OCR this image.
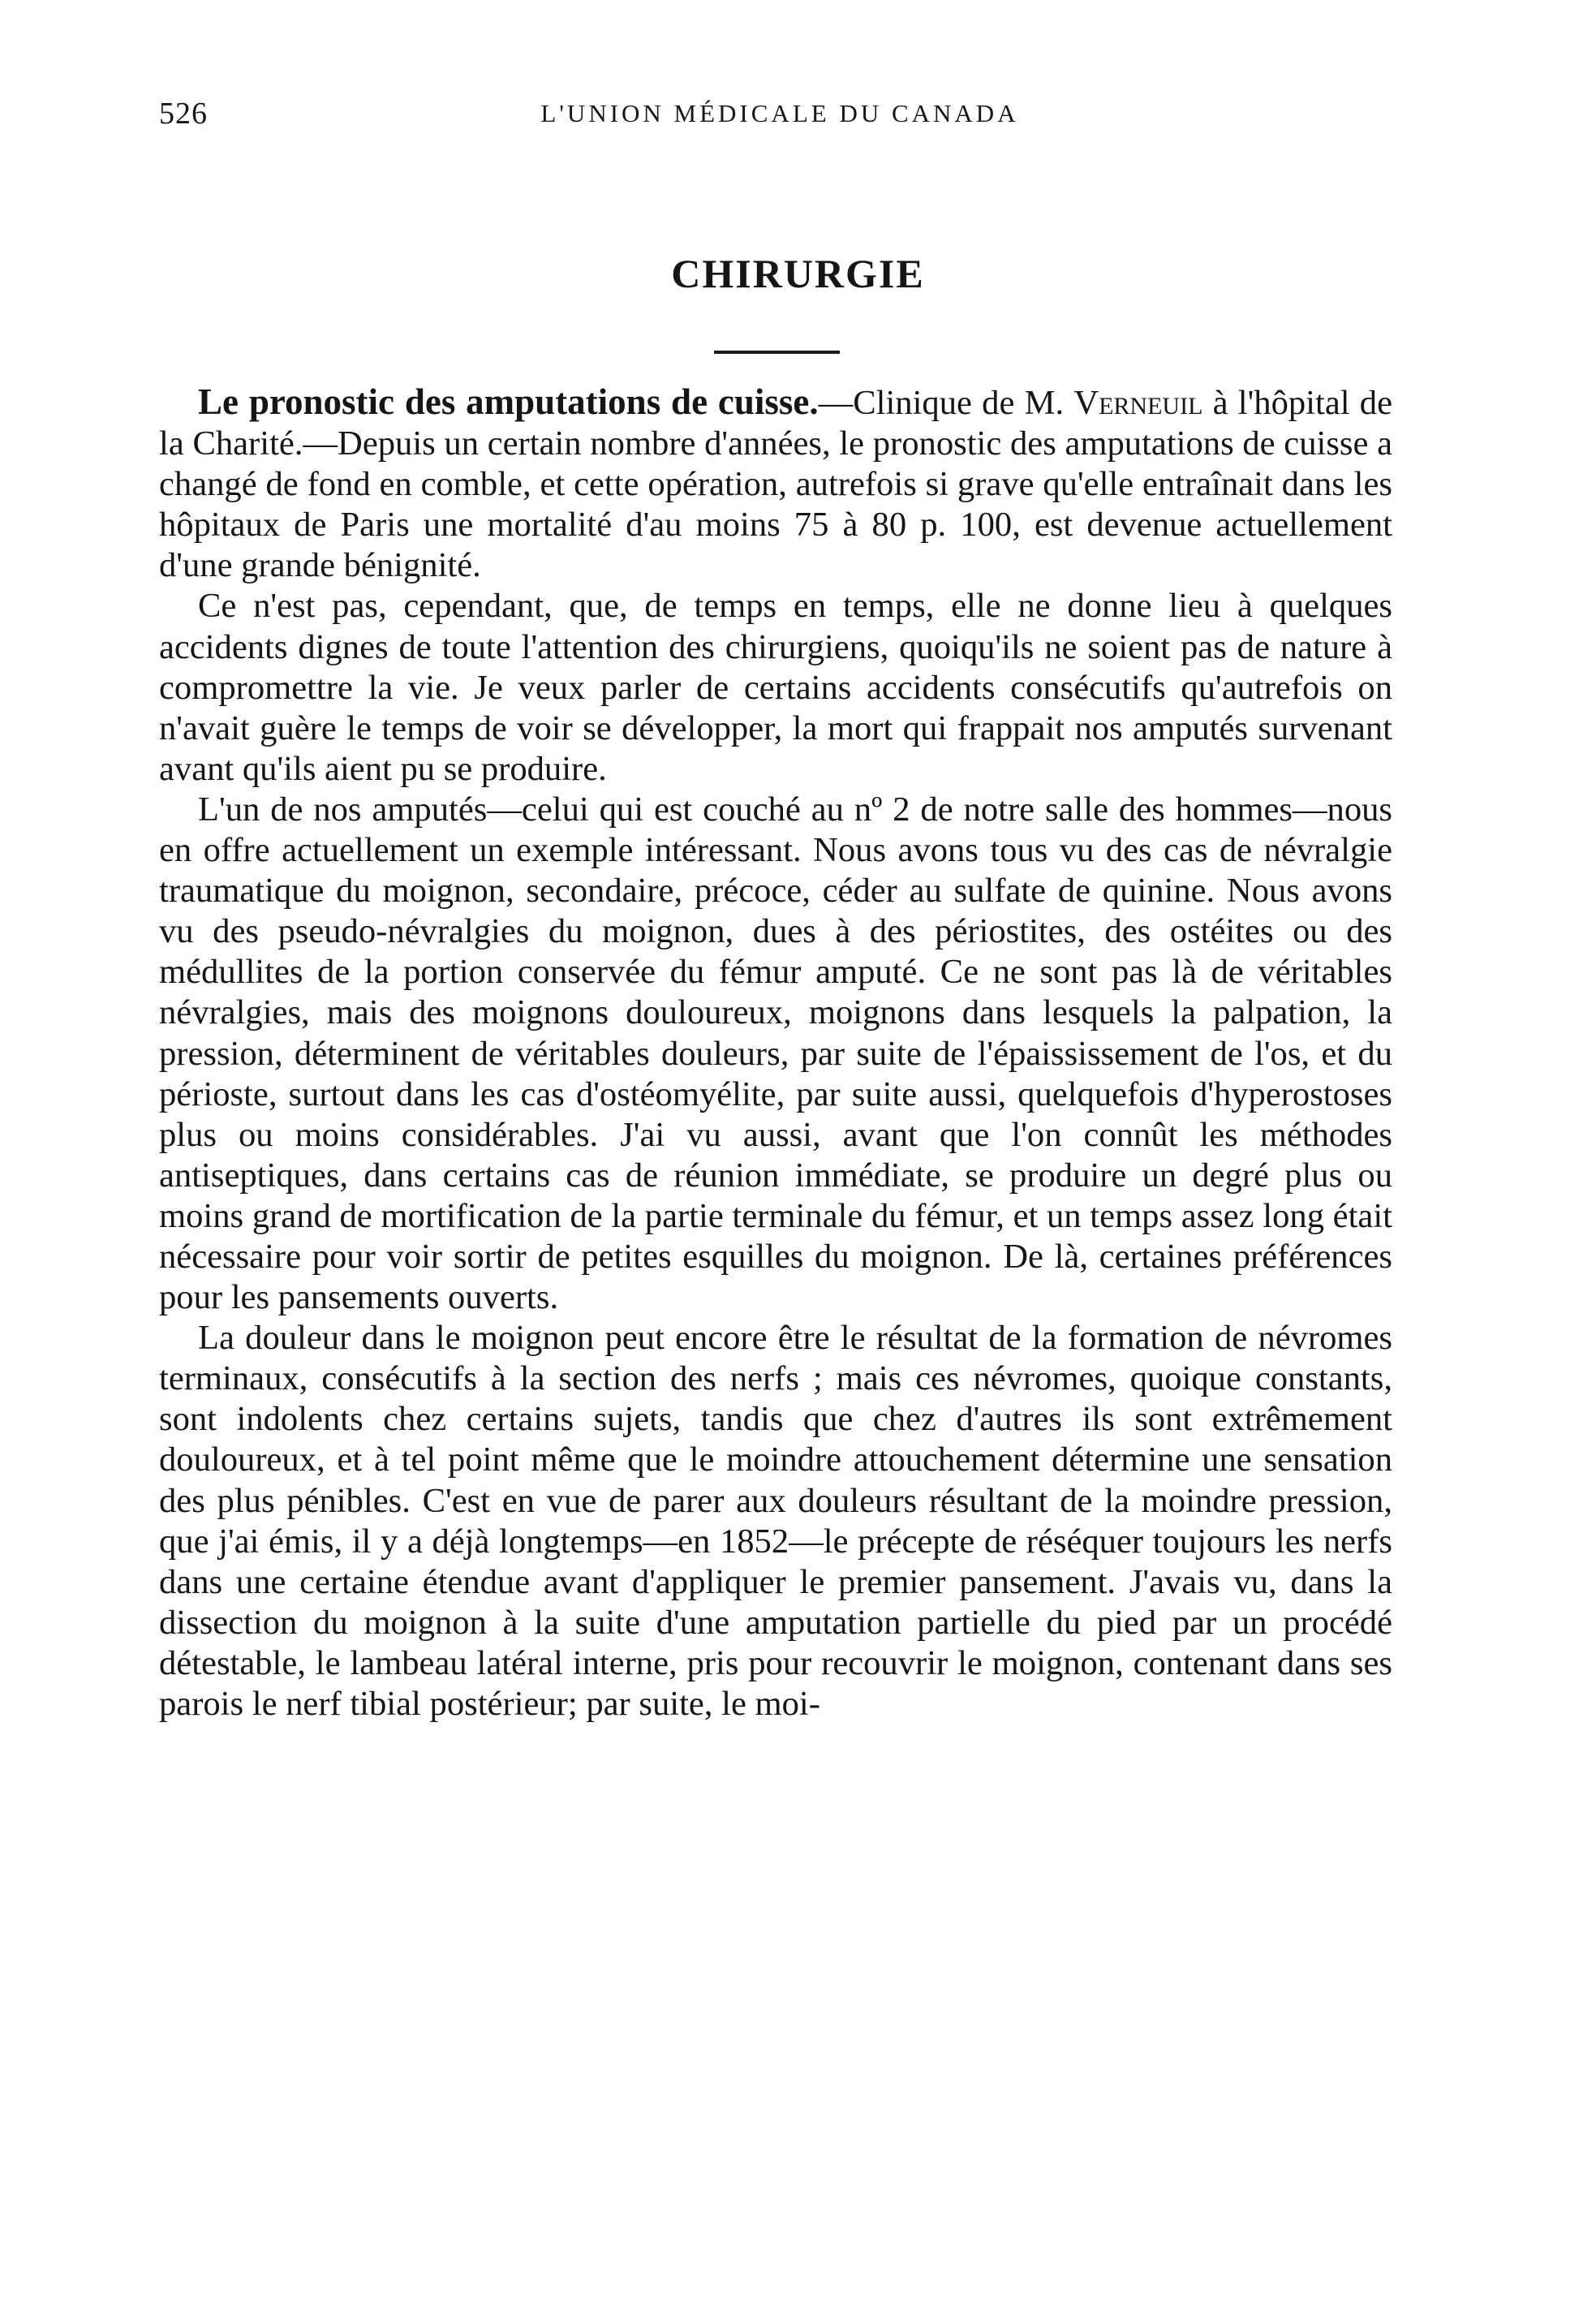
526	L'UNION MÉDICALE DU CANADA
CHIRURGIE

Le pronostic des amputations de cuisse.—Clinique de M. Verneuil à l'hôpital de la Charité.—Depuis un certain nombre d'années, le pronostic des amputations de cuisse a changé de fond en comble, et cette opération, autrefois si grave qu'elle entraînait dans les hôpitaux de Paris une mortalité d'au moins 75 à 80 p. 100, est devenue actuellement d'une grande bénignité.

Ce n'est pas, cependant, que, de temps en temps, elle ne donne lieu à quelques accidents dignes de toute l'attention des chirurgiens, quoiqu'ils ne soient pas de nature à compromettre la vie. Je veux parler de certains accidents consécutifs qu'autrefois on n'avait guère le temps de voir se développer, la mort qui frappait nos amputés survenant avant qu'ils aient pu se produire.

L'un de nos amputés—celui qui est couché au nº 2 de notre salle des hommes—nous en offre actuellement un exemple intéressant. Nous avons tous vu des cas de névralgie traumatique du moignon, secondaire, précoce, céder au sulfate de quinine. Nous avons vu des pseudo-névralgies du moignon, dues à des périostites, des ostéites ou des médullites de la portion conservée du fémur amputé. Ce ne sont pas là de véritables névralgies, mais des moignons douloureux, moignons dans lesquels la palpation, la pression, déterminent de véritables douleurs, par suite de l'épaississement de l'os, et du périoste, surtout dans les cas d'ostéomyélite, par suite aussi, quelquefois d'hyperostoses plus ou moins considérables. J'ai vu aussi, avant que l'on connût les méthodes antiseptiques, dans certains cas de réunion immédiate, se produire un degré plus ou moins grand de mortification de la partie terminale du fémur, et un temps assez long était nécessaire pour voir sortir de petites esquilles du moignon. De là, certaines préférences pour les pansements ouverts.

La douleur dans le moignon peut encore être le résultat de la formation de névromes terminaux, consécutifs à la section des nerfs ; mais ces névromes, quoique constants, sont indolents chez certains sujets, tandis que chez d'autres ils sont extrêmement douloureux, et à tel point même que le moindre attouchement détermine une sensation des plus pénibles. C'est en vue de parer aux douleurs résultant de la moindre pression, que j'ai émis, il y a déjà longtemps—en 1852—le précepte de réséquer toujours les nerfs dans une certaine étendue avant d'appliquer le premier pansement. J'avais vu, dans la dissection du moignon à la suite d'une amputation partielle du pied par un procédé détestable, le lambeau latéral interne, pris pour recouvrir le moignon, contenant dans ses parois le nerf tibial postérieur; par suite, le moi-
